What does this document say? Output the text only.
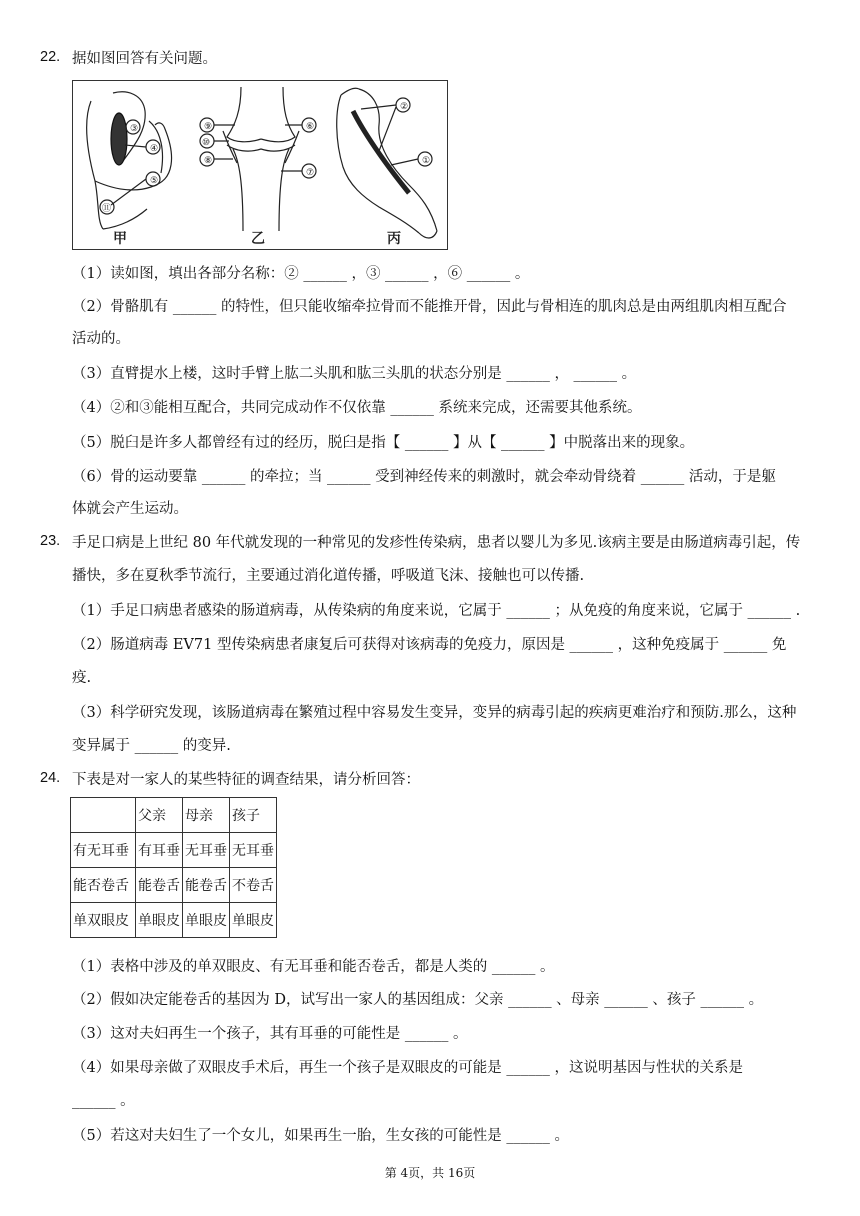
22. 据如图回答有关问题。
③
④
⑤
⑪
⑨
⑩
⑧
⑥
⑦
②
①
甲	乙	丙
（1）读如图，填出各部分名称：② ______ ，③ ______ ，⑥ ______ 。
（2）骨骼肌有 ______ 的特性，但只能收缩牵拉骨而不能推开骨，因此与骨相连的肌肉总是由两组肌肉相互配合
活动的。
（3）直臂提水上楼，这时手臂上肱二头肌和肱三头肌的状态分别是 ______ ， ______ 。
（4）②和③能相互配合，共同完成动作不仅依靠 ______ 系统来完成，还需要其他系统。
（5）脱臼是许多人都曾经有过的经历，脱臼是指【 ______ 】从【 ______ 】中脱落出来的现象。
（6）骨的运动要靠 ______ 的牵拉；当 ______ 受到神经传来的刺激时，就会牵动骨绕着 ______ 活动，于是躯
体就会产生运动。
23. 手足口病是上世纪 80 年代就发现的一种常见的发疹性传染病，患者以婴儿为多见.该病主要是由肠道病毒引起，传
播快，多在夏秋季节流行，主要通过消化道传播，呼吸道飞沫、接触也可以传播.
（1）手足口病患者感染的肠道病毒，从传染病的角度来说，它属于 ______ ；从免疫的角度来说，它属于 ______ .
（2）肠道病毒 EV71 型传染病患者康复后可获得对该病毒的免疫力，原因是 ______ ，这种免疫属于 ______ 免
疫.
（3）科学研究发现，该肠道病毒在繁殖过程中容易发生变异，变异的病毒引起的疾病更难治疗和预防.那么，这种
变异属于 ______ 的变异.
24. 下表是对一家人的某些特征的调查结果，请分析回答：
	父亲	母亲	孩子
有无耳垂	有耳垂	无耳垂	无耳垂
能否卷舌	能卷舌	能卷舌	不卷舌
单双眼皮	单眼皮	单眼皮	单眼皮
（1）表格中涉及的单双眼皮、有无耳垂和能否卷舌，都是人类的 ______ 。
（2）假如决定能卷舌的基因为 D，试写出一家人的基因组成：父亲 ______ 、母亲 ______ 、孩子 ______ 。
（3）这对夫妇再生一个孩子，其有耳垂的可能性是 ______ 。
（4）如果母亲做了双眼皮手术后，再生一个孩子是双眼皮的可能是 ______ ，这说明基因与性状的关系是
______ 。
（5）若这对夫妇生了一个女儿，如果再生一胎，生女孩的可能性是 ______ 。
第 4页，共 16页
